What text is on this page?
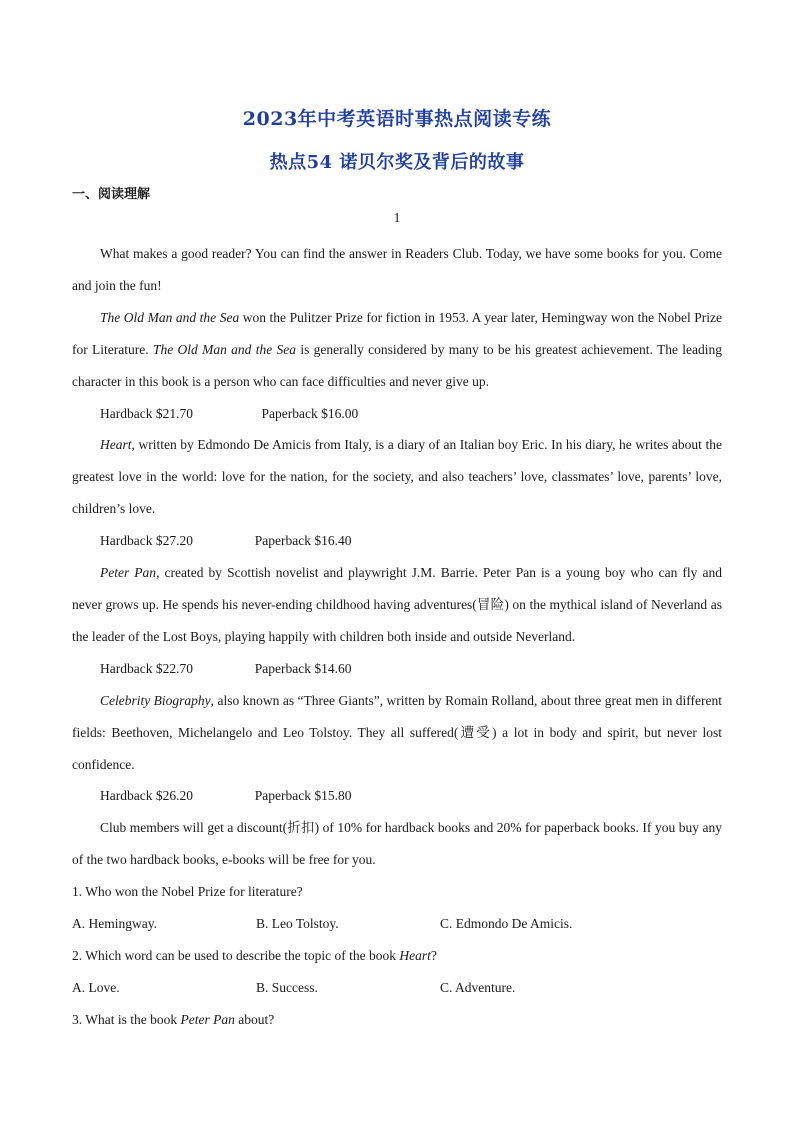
2023年中考英语时事热点阅读专练
热点54 诺贝尔奖及背后的故事
一、阅读理解
1

What makes a good reader? You can find the answer in Readers Club. Today, we have some books for you. Come and join the fun!

The Old Man and the Sea won the Pulitzer Prize for fiction in 1953. A year later, Hemingway won the Nobel Prize for Literature. The Old Man and the Sea is generally considered by many to be his greatest achievement. The leading character in this book is a person who can face difficulties and never give up.

Hardback $21.70	Paperback $16.00

Heart, written by Edmondo De Amicis from Italy, is a diary of an Italian boy Eric. In his diary, he writes about the greatest love in the world: love for the nation, for the society, and also teachers’ love, classmates’ love, parents’ love, children’s love.

Hardback $27.20	Paperback $16.40

Peter Pan, created by Scottish novelist and playwright J.M. Barrie. Peter Pan is a young boy who can fly and never grows up. He spends his never-ending childhood having adventures(冒险) on the mythical island of Neverland as the leader of the Lost Boys, playing happily with children both inside and outside Neverland.

Hardback $22.70	Paperback $14.60

Celebrity Biography, also known as “Three Giants”, written by Romain Rolland, about three great men in different fields: Beethoven, Michelangelo and Leo Tolstoy. They all suffered(遭受) a lot in body and spirit, but never lost confidence.

Hardback $26.20	Paperback $15.80

Club members will get a discount(折扣) of 10% for hardback books and 20% for paperback books. If you buy any of the two hardback books, e-books will be free for you.

1. Who won the Nobel Prize for literature?

A. Hemingway.	B. Leo Tolstoy.	C. Edmondo De Amicis.

2. Which word can be used to describe the topic of the book Heart?

A. Love.	B. Success.	C. Adventure.

3. What is the book Peter Pan about?
